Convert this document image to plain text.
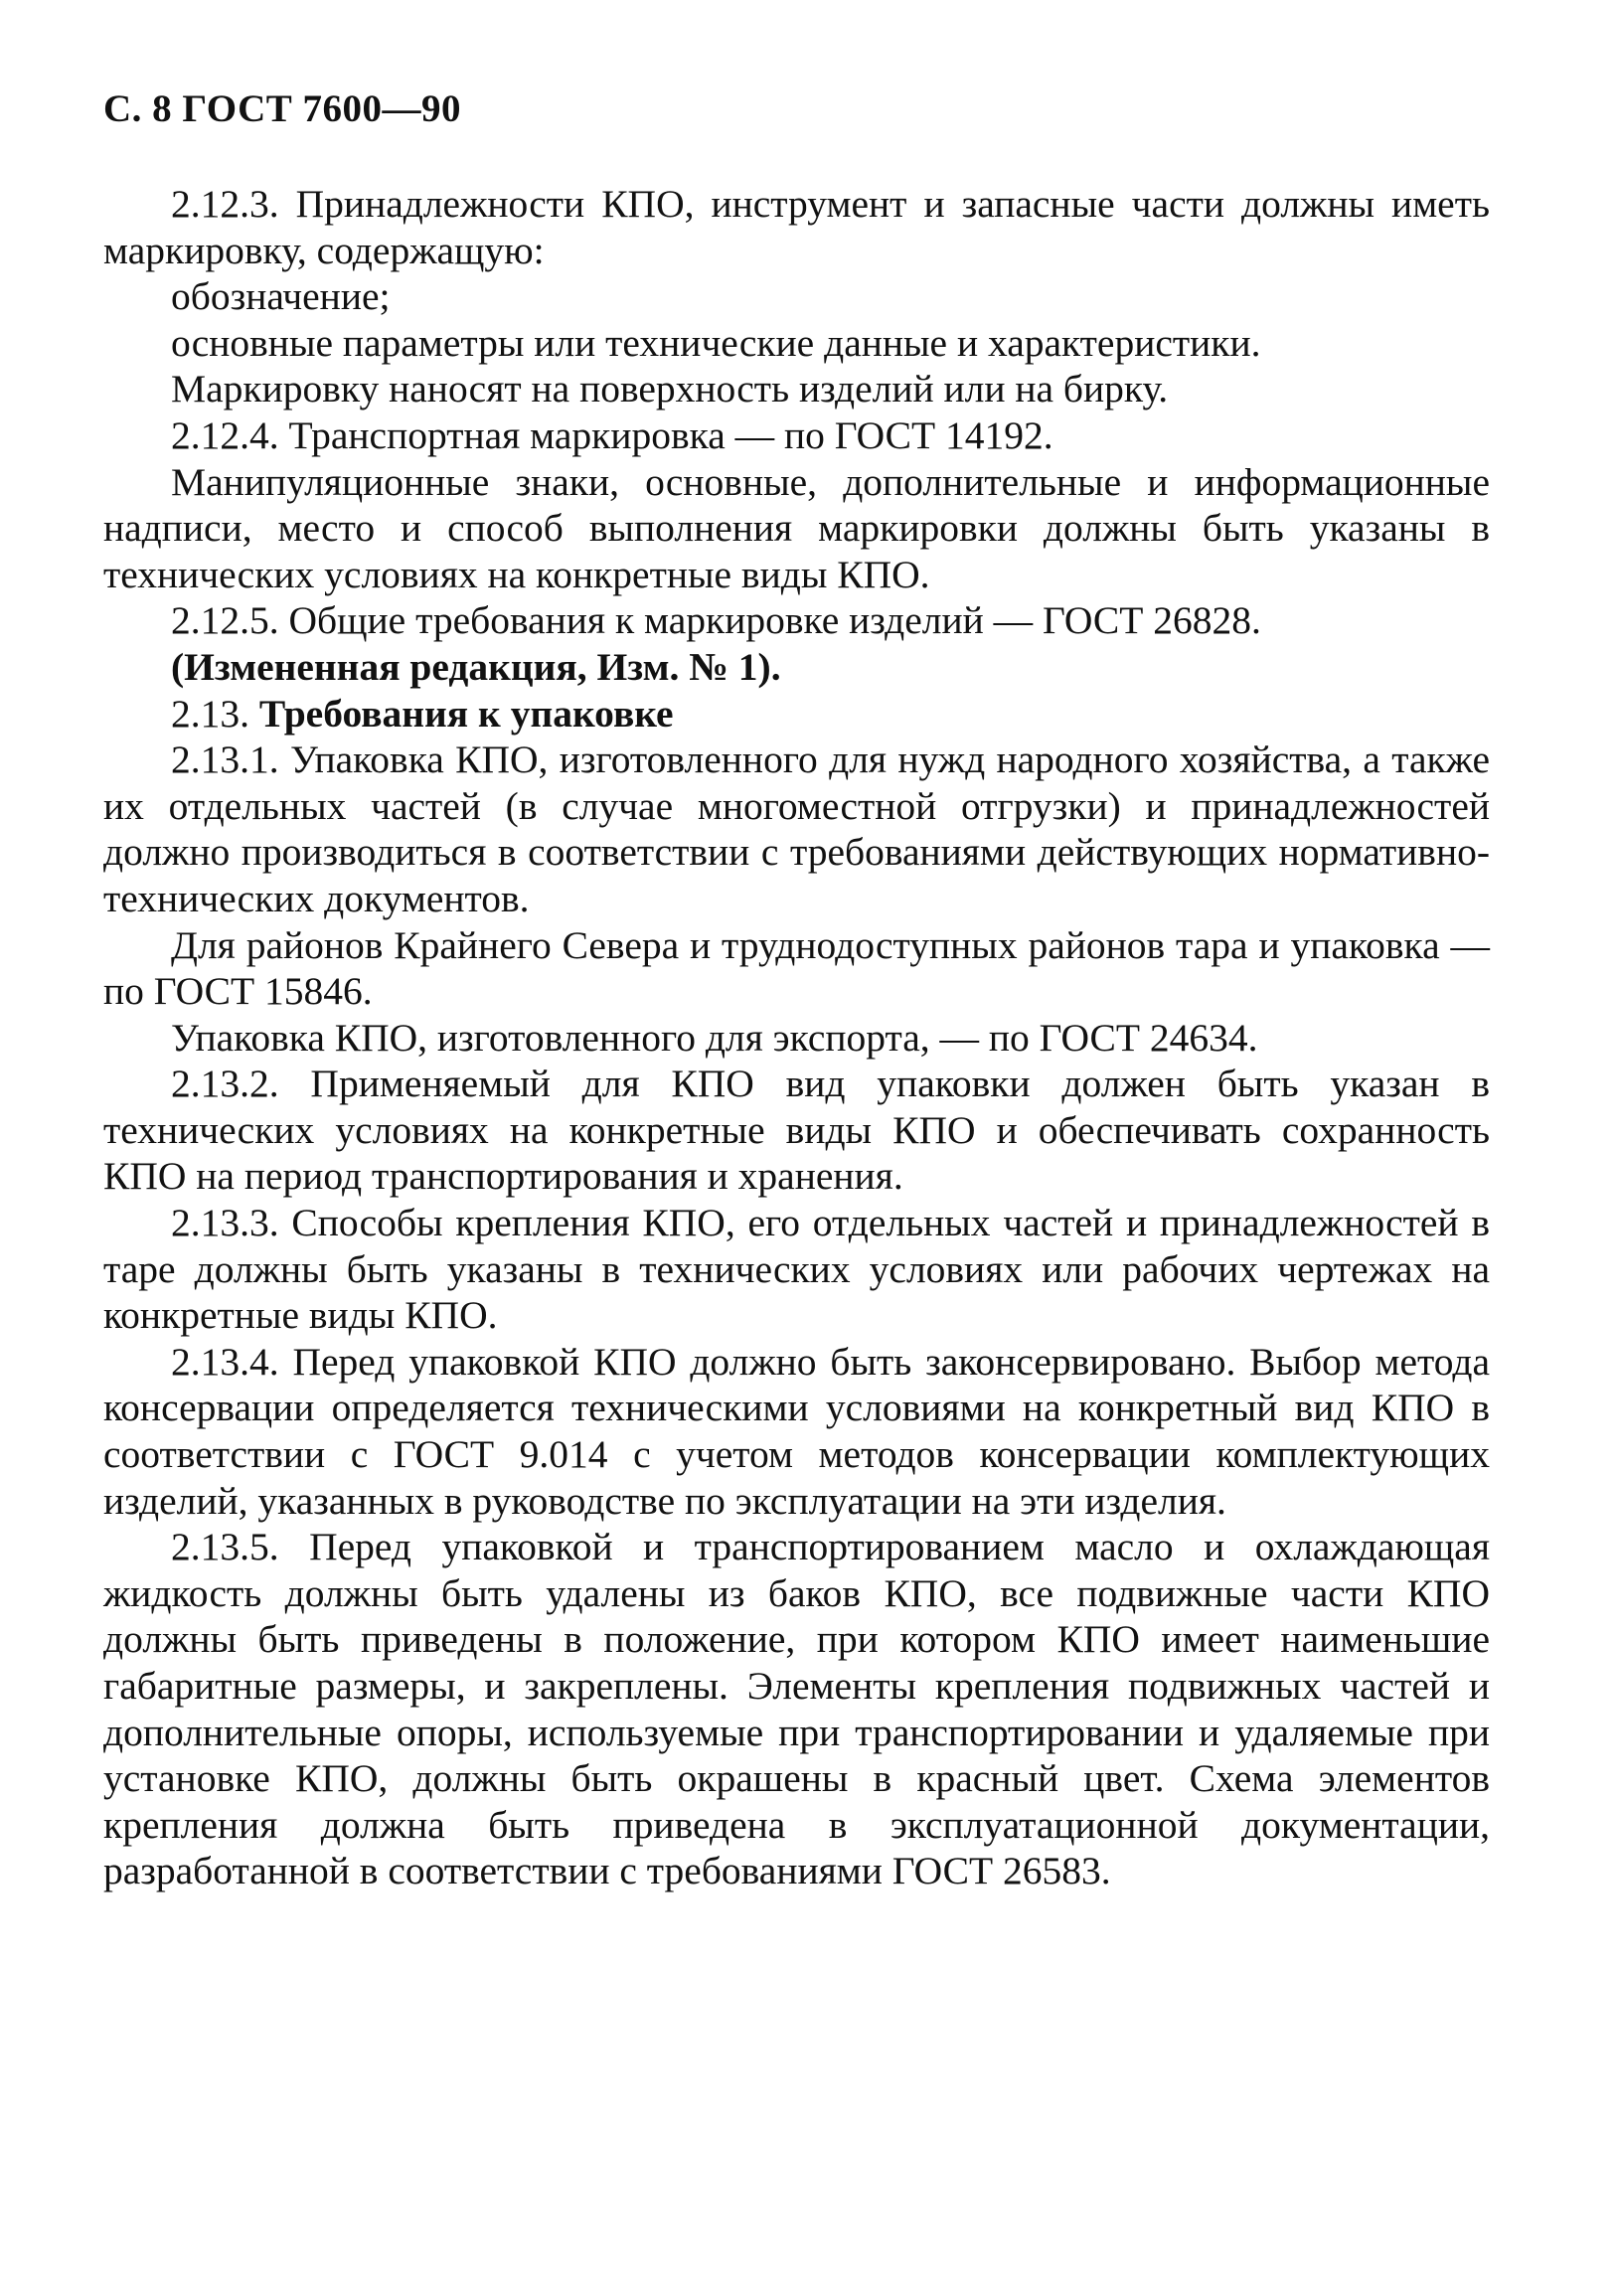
С. 8 ГОСТ 7600—90

2.12.3. Принадлежности КПО, инструмент и запасные части должны иметь маркировку, содержащую:

обозначение;

основные параметры или технические данные и характеристики.

Маркировку наносят на поверхность изделий или на бирку.

2.12.4. Транспортная маркировка — по ГОСТ 14192.

Манипуляционные знаки, основные, дополнительные и информационные надписи, место и способ выполнения маркировки должны быть указаны в технических условиях на конкретные виды КПО.

2.12.5. Общие требования к маркировке изделий — ГОСТ 26828.

(Измененная редакция, Изм. № 1).

2.13. Требования к упаковке

2.13.1. Упаковка КПО, изготовленного для нужд народного хозяйства, а также их отдельных частей (в случае многоместной отгрузки) и принадлежностей должно производиться в соответствии с требованиями действующих нормативно-технических документов.

Для районов Крайнего Севера и труднодоступных районов тара и упаковка — по ГОСТ 15846.

Упаковка КПО, изготовленного для экспорта, — по ГОСТ 24634.

2.13.2. Применяемый для КПО вид упаковки должен быть указан в технических условиях на конкретные виды КПО и обеспечивать сохранность КПО на период транспортирования и хранения.

2.13.3. Способы крепления КПО, его отдельных частей и принадлежностей в таре должны быть указаны в технических условиях или рабочих чертежах на конкретные виды КПО.

2.13.4. Перед упаковкой КПО должно быть законсервировано. Выбор метода консервации определяется техническими условиями на конкретный вид КПО в соответствии с ГОСТ 9.014 с учетом методов консервации комплектующих изделий, указанных в руководстве по эксплуатации на эти изделия.

2.13.5. Перед упаковкой и транспортированием масло и охлаждающая жидкость должны быть удалены из баков КПО, все подвижные части КПО должны быть приведены в положение, при котором КПО имеет наименьшие габаритные размеры, и закреплены. Элементы крепления подвижных частей и дополнительные опоры, используемые при транспортировании и удаляемые при установке КПО, должны быть окрашены в красный цвет. Схема элементов крепления должна быть приведена в эксплуатационной документации, разработанной в соответствии с требованиями ГОСТ 26583.
